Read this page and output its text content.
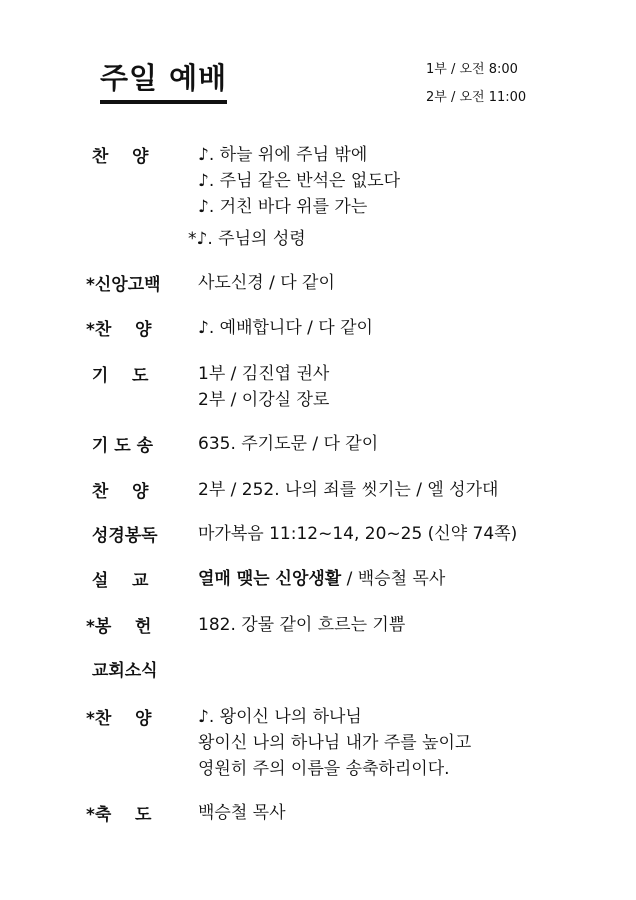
주일 예배	1부 / 오전 8:00
2부 / 오전 11:00
찬    양	♪. 하늘 위에 주님 밖에
♪. 주님 같은 반석은 없도다
♪. 거친 바다 위를 가는
*♪. 주님의 성령
*신앙고백	사도신경 / 다 같이
*찬    양	♪. 예배합니다 / 다 같이
기    도	1부 / 김진엽 권사
2부 / 이강실 장로
기 도 송	635. 주기도문 / 다 같이
찬    양	2부 / 252. 나의 죄를 씻기는 / 엘 성가대
성경봉독	마가복음 11:12~14, 20~25 (신약 74쪽)
설    교	열매 맺는 신앙생활 / 백승철 목사
*봉    헌	182. 강물 같이 흐르는 기쁨
교회소식
*찬    양	♪. 왕이신 나의 하나님
왕이신 나의 하나님 내가 주를 높이고
영원히 주의 이름을 송축하리이다.
*축    도	백승철 목사
